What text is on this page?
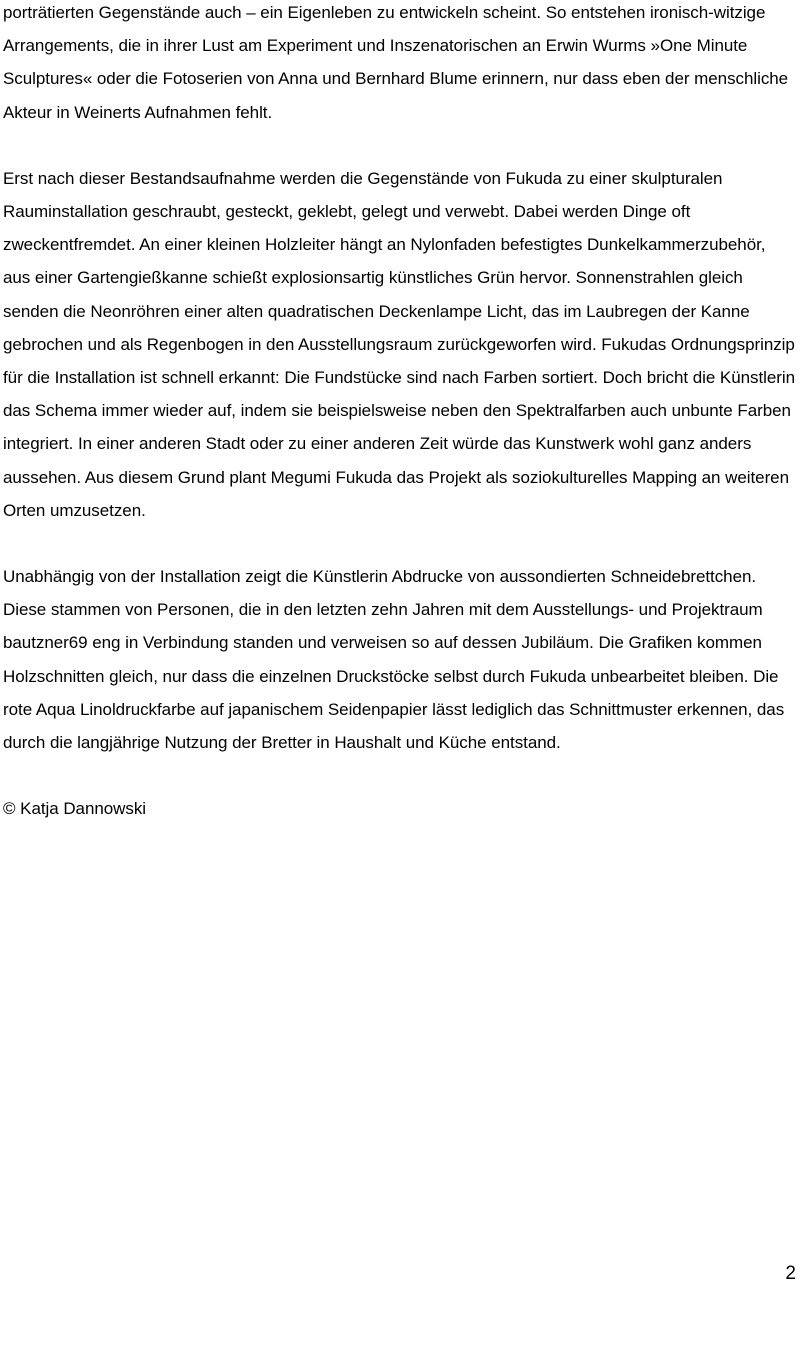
porträtierten Gegenstände auch – ein Eigenleben zu entwickeln scheint. So entstehen ironisch-witzige Arrangements, die in ihrer Lust am Experiment und Inszenatorischen an Erwin Wurms »One Minute Sculptures« oder die Fotoserien von Anna und Bernhard Blume erinnern, nur dass eben der menschliche Akteur in Weinerts Aufnahmen fehlt.

Erst nach dieser Bestandsaufnahme werden die Gegenstände von Fukuda zu einer skulpturalen Rauminstallation geschraubt, gesteckt, geklebt, gelegt und verwebt. Dabei werden Dinge oft zweckentfremdet. An einer kleinen Holzleiter hängt an Nylonfaden befestigtes Dunkelkammerzubehör, aus einer Gartengießkanne schießt explosionsartig künstliches Grün hervor. Sonnenstrahlen gleich senden die Neonröhren einer alten quadratischen Deckenlampe Licht, das im Laubregen der Kanne gebrochen und als Regenbogen in den Ausstellungsraum zurückgeworfen wird. Fukudas Ordnungsprinzip für die Installation ist schnell erkannt: Die Fundstücke sind nach Farben sortiert. Doch bricht die Künstlerin das Schema immer wieder auf, indem sie beispielsweise neben den Spektralfarben auch unbunte Farben integriert. In einer anderen Stadt oder zu einer anderen Zeit würde das Kunstwerk wohl ganz anders aussehen. Aus diesem Grund plant Megumi Fukuda das Projekt als soziokulturelles Mapping an weiteren Orten umzusetzen.

Unabhängig von der Installation zeigt die Künstlerin Abdrucke von aussondierten Schneidebrettchen. Diese stammen von Personen, die in den letzten zehn Jahren mit dem Ausstellungs- und Projektraum bautzner69 eng in Verbindung standen und verweisen so auf dessen Jubiläum. Die Grafiken kommen Holzschnitten gleich, nur dass die einzelnen Druckstöcke selbst durch Fukuda unbearbeitet bleiben. Die rote Aqua Linoldruckfarbe auf japanischem Seidenpapier lässt lediglich das Schnittmuster erkennen, das durch die langjährige Nutzung der Bretter in Haushalt und Küche entstand.

© Katja Dannowski

2
